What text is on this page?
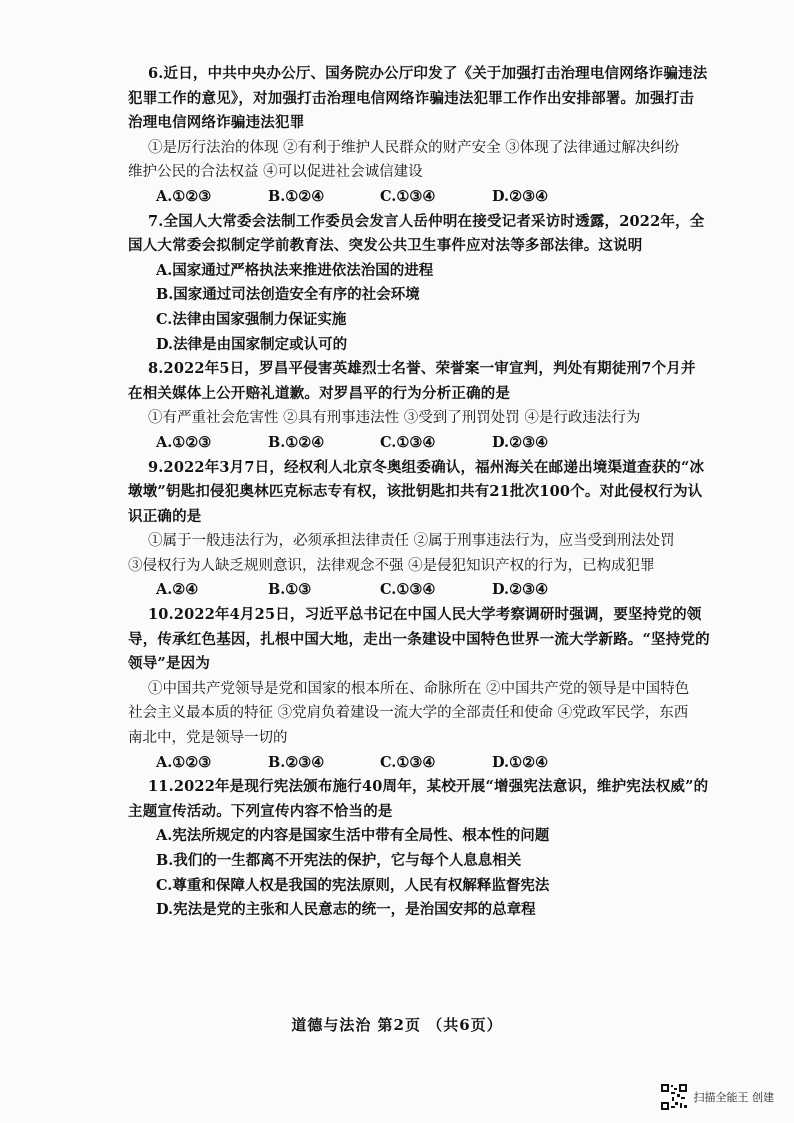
6.近日，中共中央办公厅、国务院办公厅印发了《关于加强打击治理电信网络诈骗违法

犯罪工作的意见》，对加强打击治理电信网络诈骗违法犯罪工作作出安排部署。加强打击

治理电信网络诈骗违法犯罪

①是厉行法治的体现 ②有利于维护人民群众的财产安全 ③体现了法律通过解决纠纷

维护公民的合法权益 ④可以促进社会诚信建设

A.①②③	B.①②④	C.①③④	D.②③④

7.全国人大常委会法制工作委员会发言人岳仲明在接受记者采访时透露，2022年，全

国人大常委会拟制定学前教育法、突发公共卫生事件应对法等多部法律。这说明

A.国家通过严格执法来推进依法治国的进程

B.国家通过司法创造安全有序的社会环境

C.法律由国家强制力保证实施

D.法律是由国家制定或认可的

8.2022年5日，罗昌平侵害英雄烈士名誉、荣誉案一审宣判，判处有期徒刑7个月并

在相关媒体上公开赔礼道歉。对罗昌平的行为分析正确的是

①有严重社会危害性 ②具有刑事违法性 ③受到了刑罚处罚 ④是行政违法行为

A.①②③	B.①②④	C.①③④	D.②③④

9.2022年3月7日，经权利人北京冬奥组委确认，福州海关在邮递出境渠道查获的“冰

墩墩”钥匙扣侵犯奥林匹克标志专有权，该批钥匙扣共有21批次100个。对此侵权行为认

识正确的是

①属于一般违法行为，必须承担法律责任 ②属于刑事违法行为，应当受到刑法处罚

③侵权行为人缺乏规则意识，法律观念不强 ④是侵犯知识产权的行为，已构成犯罪

A.②④	B.①③	C.①③④	D.②③④

10.2022年4月25日，习近平总书记在中国人民大学考察调研时强调，要坚持党的领

导，传承红色基因，扎根中国大地，走出一条建设中国特色世界一流大学新路。“坚持党的

领导”是因为

①中国共产党领导是党和国家的根本所在、命脉所在 ②中国共产党的领导是中国特色

社会主义最本质的特征 ③党肩负着建设一流大学的全部责任和使命 ④党政军民学，东西

南北中，党是领导一切的

A.①②③	B.②③④	C.①③④	D.①②④

11.2022年是现行宪法颁布施行40周年，某校开展“增强宪法意识，维护宪法权威”的

主题宣传活动。下列宣传内容不恰当的是

A.宪法所规定的内容是国家生活中带有全局性、根本性的问题

B.我们的一生都离不开宪法的保护，它与每个人息息相关

C.尊重和保障人权是我国的宪法原则，人民有权解释监督宪法

D.宪法是党的主张和人民意志的统一，是治国安邦的总章程

道德与法治 第2页 （共6页）
扫描全能王 创建
